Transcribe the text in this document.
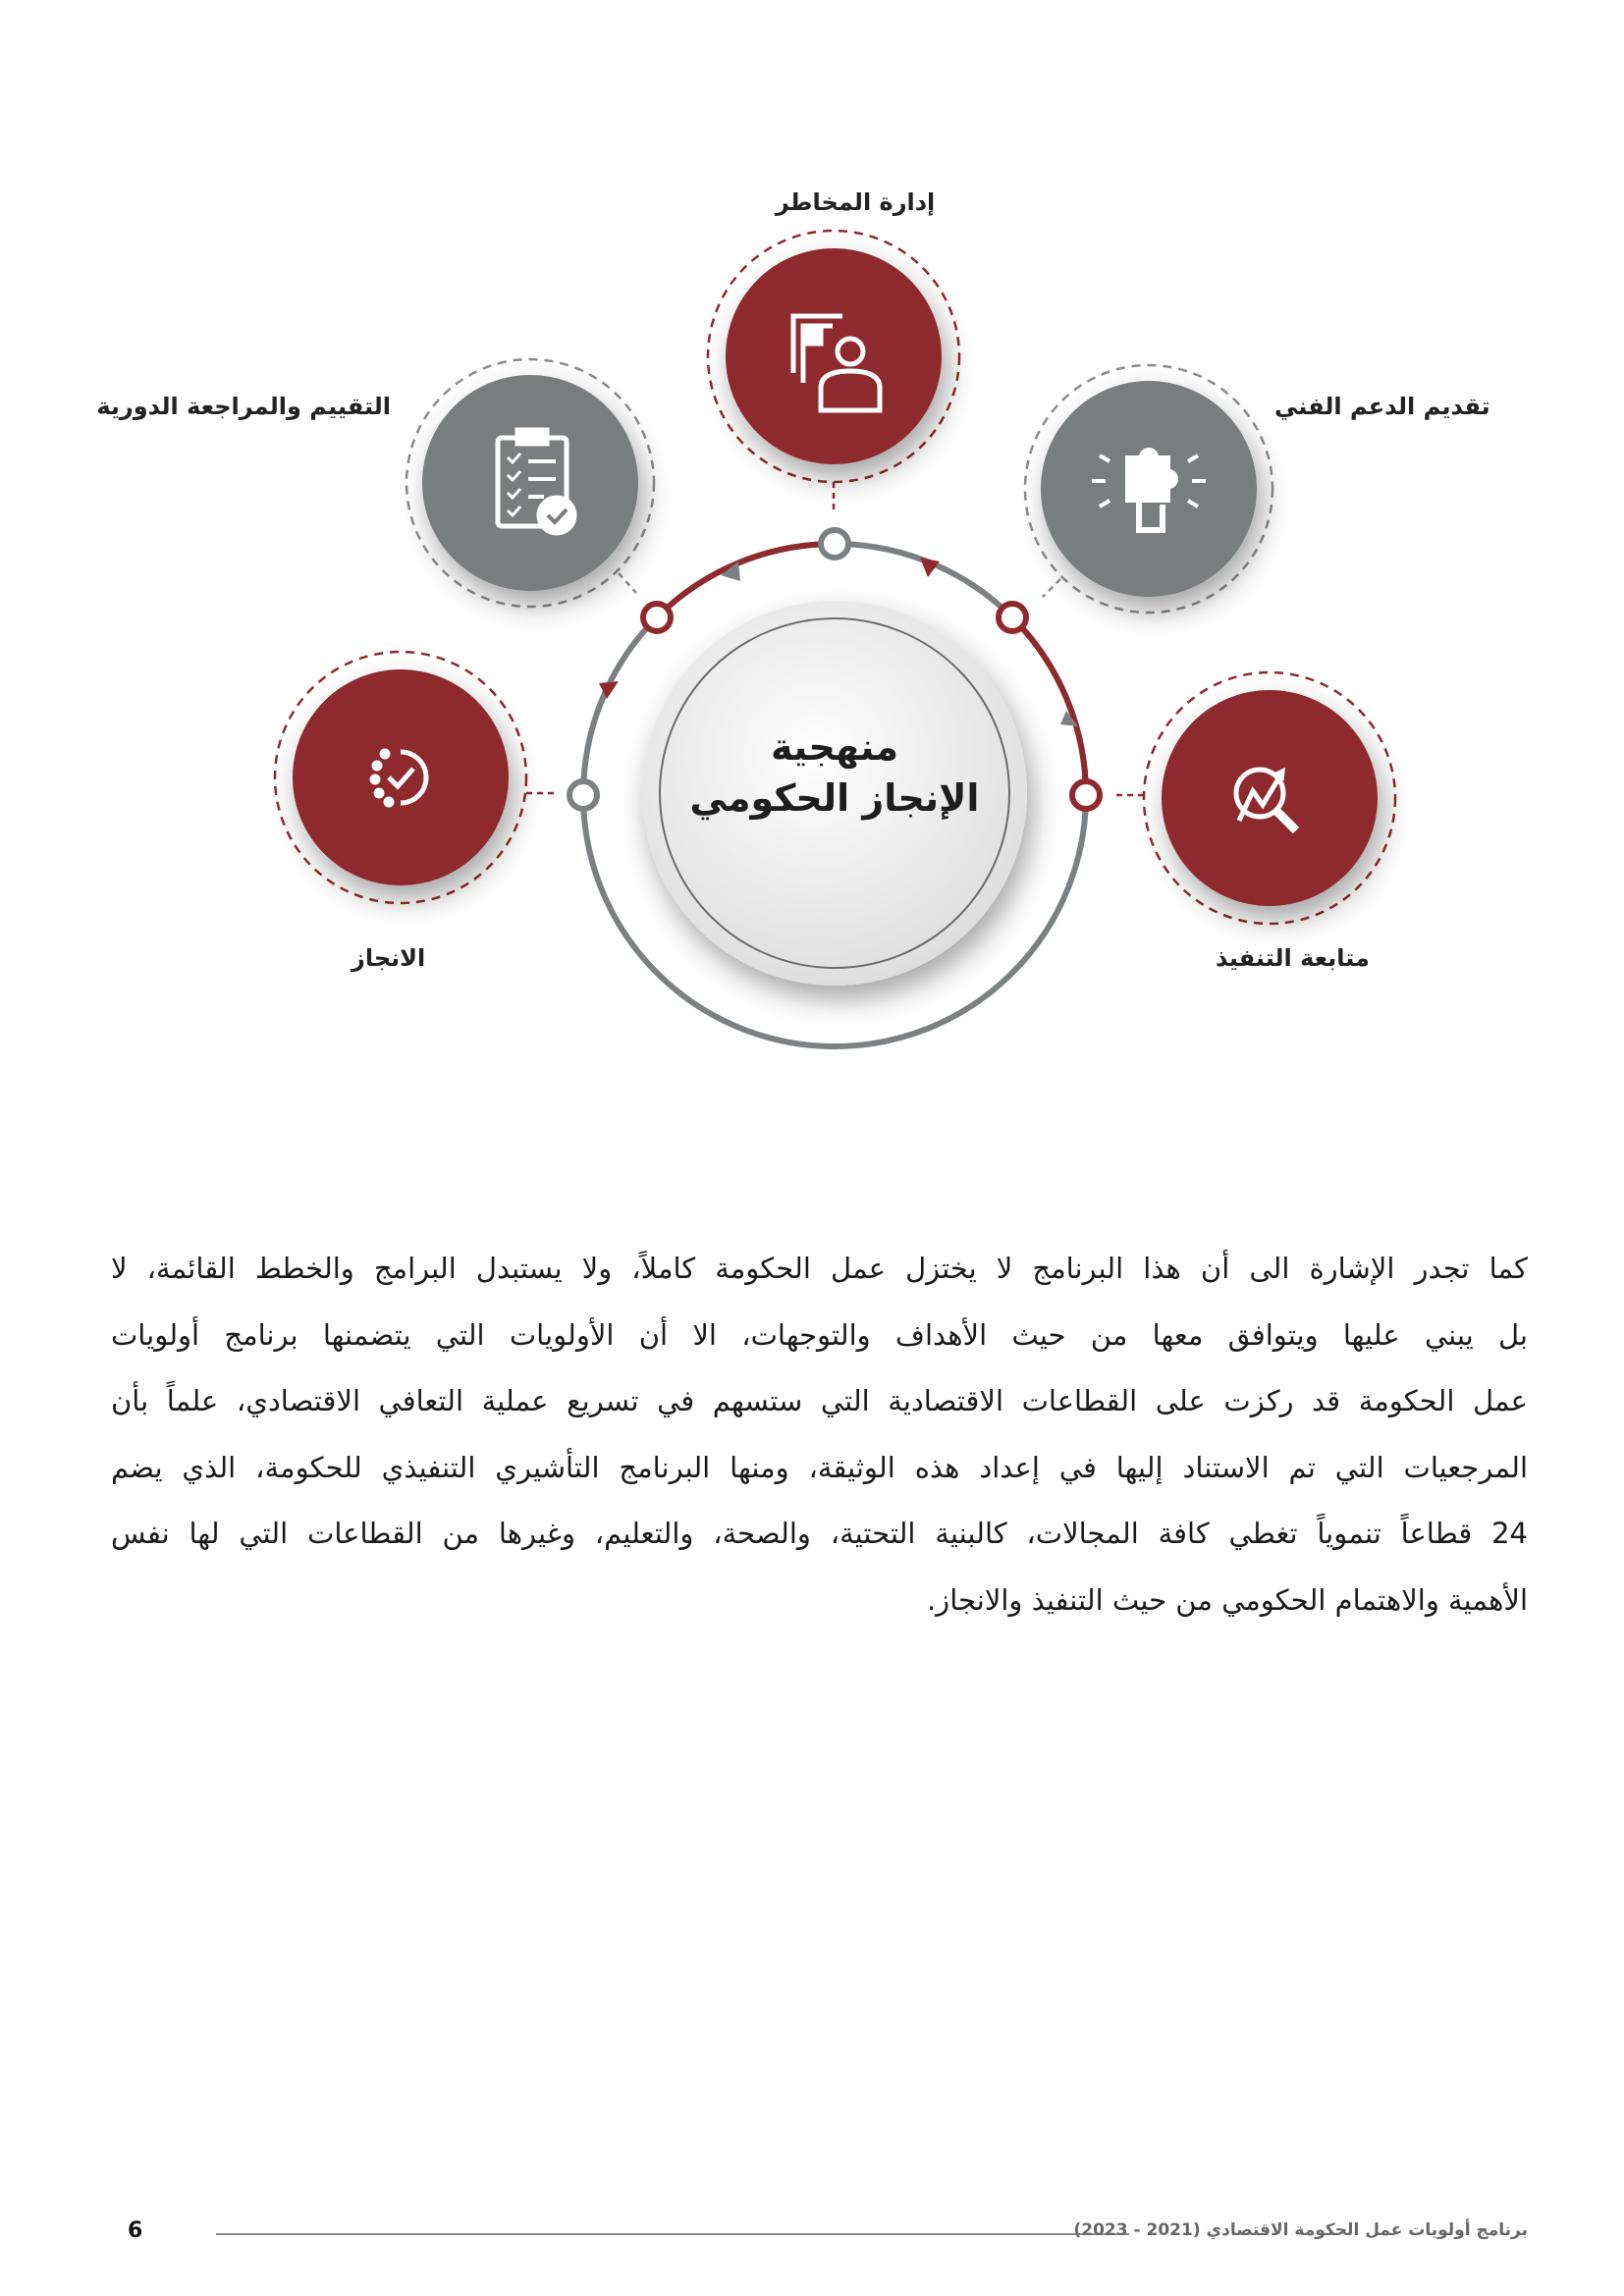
إدارة المخاطر
تقديم الدعم الفني
متابعة التنفيذ
الانجاز
التقييم والمراجعة الدورية
منهجية
الإنجاز الحكومي
كما تجدر الإشارة الى أن هذا البرنامج لا يختزل عمل الحكومة كاملاً، ولا يستبدل البرامج والخطط القائمة، لا
بل يبني عليها ويتوافق معها من حيث الأهداف والتوجهات، الا أن الأولويات التي يتضمنها برنامج أولويات
عمل الحكومة قد ركزت على القطاعات الاقتصادية التي ستسهم في تسريع عملية التعافي الاقتصادي، علماً بأن
المرجعيات التي تم الاستناد إليها في إعداد هذه الوثيقة، ومنها البرنامج التأشيري التنفيذي للحكومة، الذي يضم
24 قطاعاً تنموياً تغطي كافة المجالات، كالبنية التحتية، والصحة، والتعليم، وغيرها من القطاعات التي لها نفس
الأهمية والاهتمام الحكومي من حيث التنفيذ والانجاز.
برنامج أولويات عمل الحكومة الاقتصادي (2021 - 2023)
6
